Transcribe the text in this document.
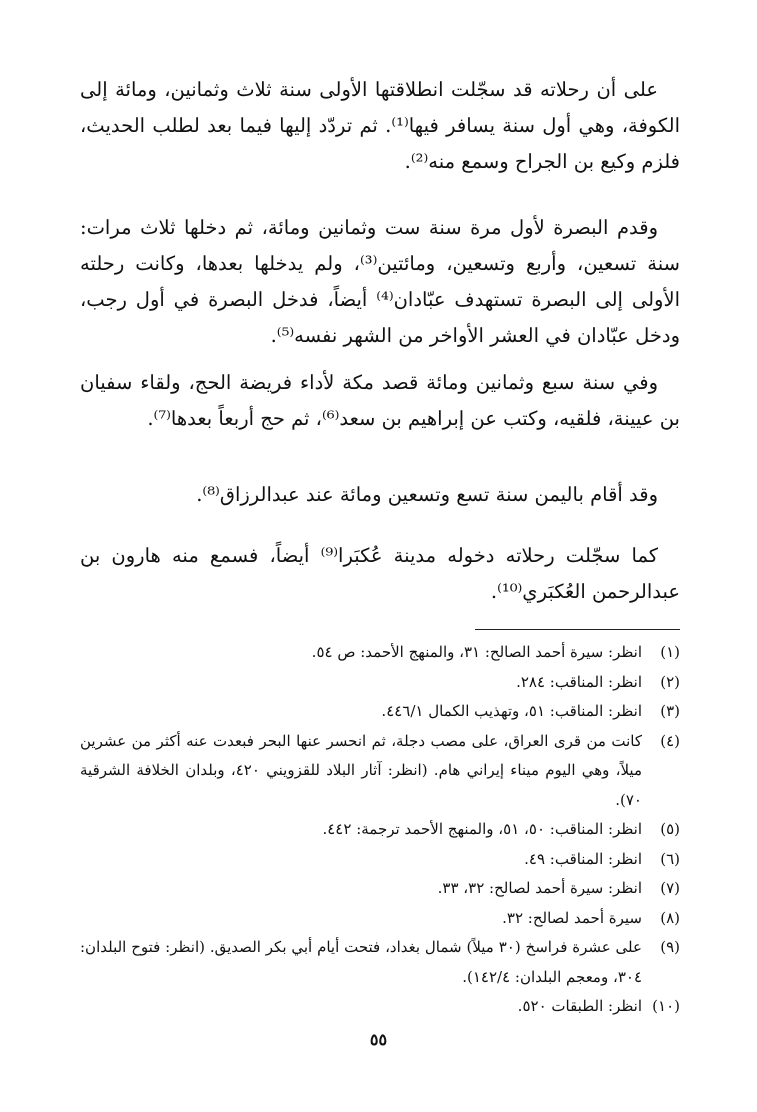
على أن رحلاته قد سجّلت انطلاقتها الأولى سنة ثلاث وثمانين، ومائة إلى الكوفة، وهي أول سنة يسافر فيها⁽¹⁾. ثم تردّد إليها فيما بعد لطلب الحديث، فلزم وكيع بن الجراح وسمع منه⁽²⁾.

وقدم البصرة لأول مرة سنة ست وثمانين ومائة، ثم دخلها ثلاث مرات: سنة تسعين، وأربع وتسعين، ومائتين⁽³⁾، ولم يدخلها بعدها، وكانت رحلته الأولى إلى البصرة تستهدف عبّادان⁽⁴⁾ أيضاً، فدخل البصرة في أول رجب، ودخل عبّادان في العشر الأواخر من الشهر نفسه⁽⁵⁾.

وفي سنة سبع وثمانين ومائة قصد مكة لأداء فريضة الحج، ولقاء سفيان بن عيينة، فلقيه، وكتب عن إبراهيم بن سعد⁽⁶⁾، ثم حج أربعاً بعدها⁽⁷⁾.

وقد أقام باليمن سنة تسع وتسعين ومائة عند عبدالرزاق⁽⁸⁾.

كما سجّلت رحلاته دخوله مدينة عُكبَرا⁽⁹⁾ أيضاً، فسمع منه هارون بن عبدالرحمن العُكبَري⁽¹⁰⁾.

(١)
انظر: سيرة أحمد الصالح: ٣١، والمنهج الأحمد: ص ٥٤.
(٢)
انظر: المناقب: ٢٨٤.
(٣)
انظر: المناقب: ٥١، وتهذيب الكمال ٤٤٦/١.
(٤)
كانت من قرى العراق، على مصب دجلة، ثم انحسر عنها البحر فبعدت عنه أكثر من عشرين ميلاً، وهي اليوم ميناء إيراني هام. (انظر: آثار البلاد للقزويني ٤٢٠، وبلدان الخلافة الشرقية ٧٠).
(٥)
انظر: المناقب: ٥٠، ٥١، والمنهج الأحمد ترجمة: ٤٤٢.
(٦)
انظر: المناقب: ٤٩.
(٧)
انظر: سيرة أحمد لصالح: ٣٢، ٣٣.
(٨)
سيرة أحمد لصالح: ٣٢.
(٩)
على عشرة فراسخ (٣٠ ميلاً) شمال بغداد، فتحت أيام أبي بكر الصديق. (انظر: فتوح البلدان: ٣٠٤، ومعجم البلدان: ١٤٢/٤).
(١٠)
انظر: الطبقات ٥٢٠.
٥٥
